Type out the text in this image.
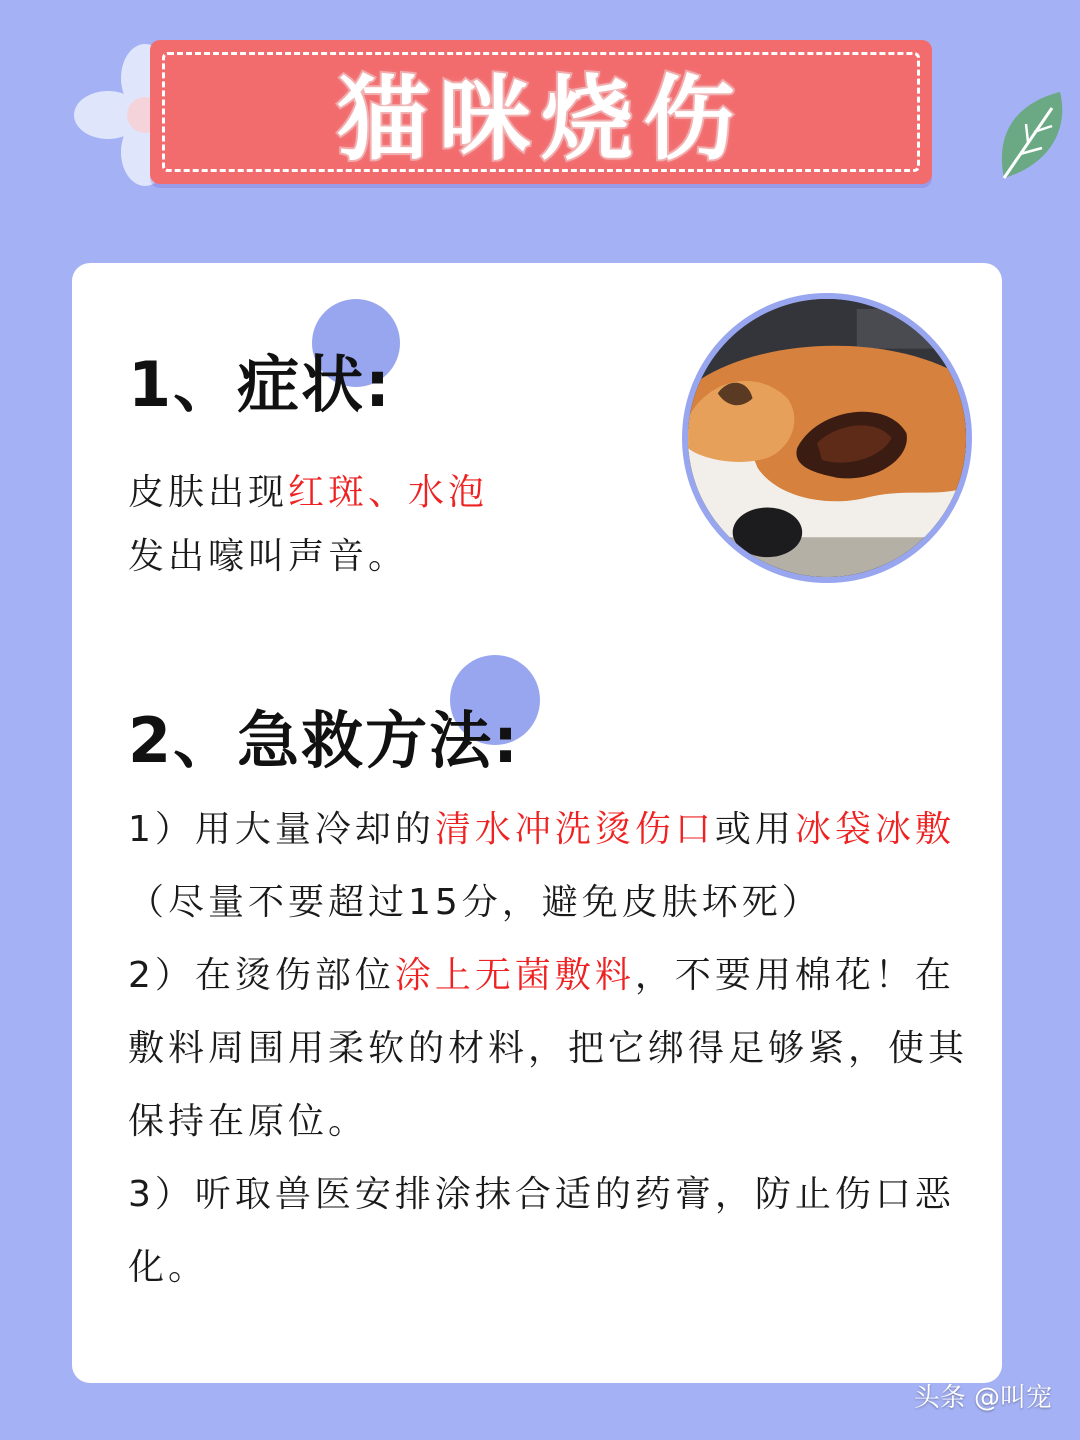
猫咪烧伤
1、症状:
皮肤出现红斑、水泡
发出嚎叫声音。
2、急救方法:
1）用大量冷却的清水冲洗烫伤口或用冰袋冰敷（尽量不要超过15分，避免皮肤坏死）
2）在烫伤部位涂上无菌敷料，不要用棉花！在敷料周围用柔软的材料，把它绑得足够紧，使其保持在原位。
3）听取兽医安排涂抹合适的药膏，防止伤口恶化。
头条 @叫宠
